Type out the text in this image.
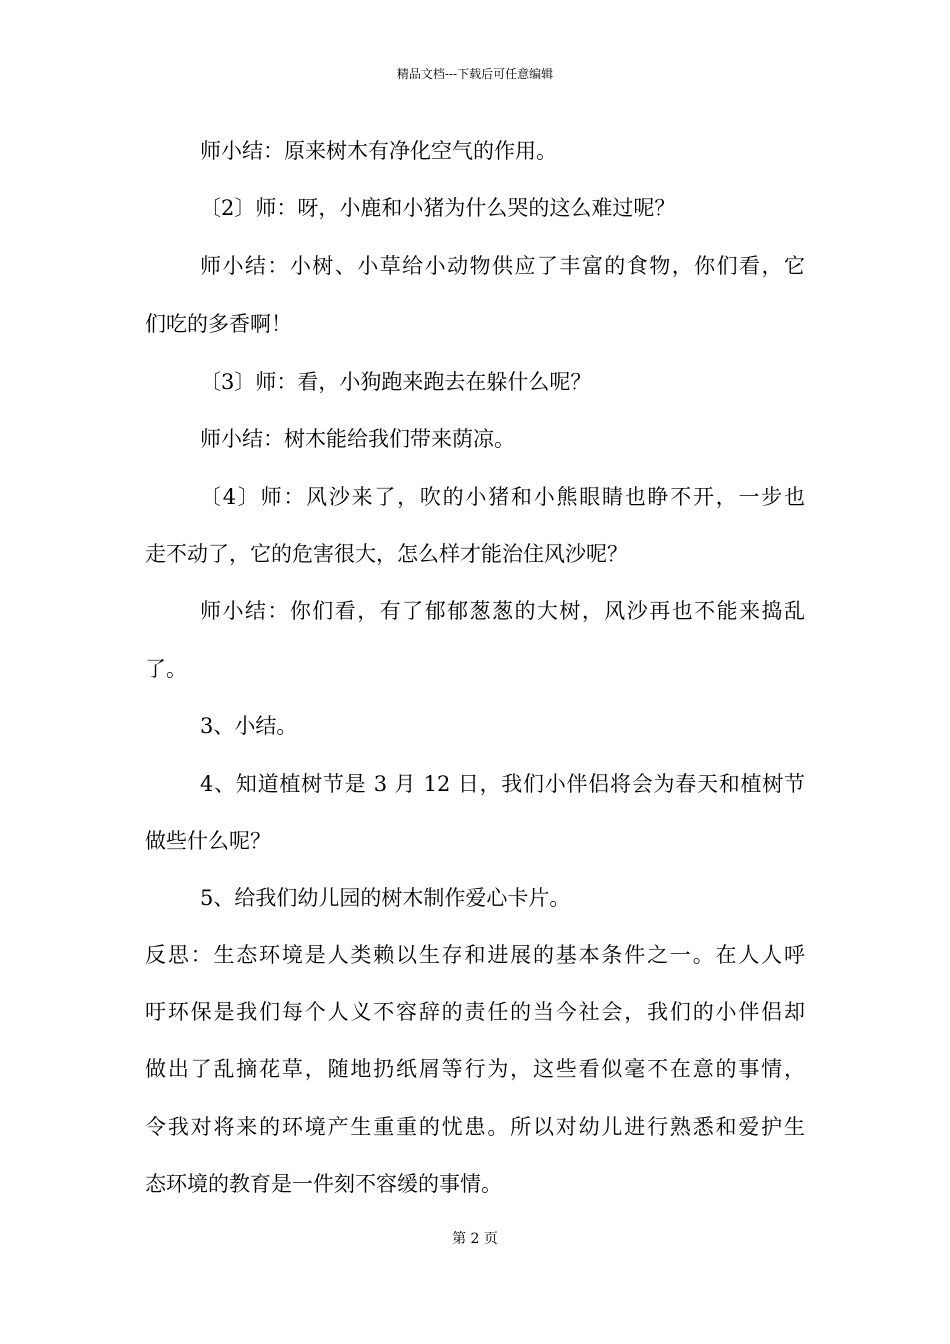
精品文档---下载后可任意编辑
师小结：原来树木有净化空气的作用。
〔2〕师：呀，小鹿和小猪为什么哭的这么难过呢？
师小结：小树、小草给小动物供应了丰富的食物，你们看，它
们吃的多香啊！
〔3〕师：看，小狗跑来跑去在躲什么呢？
师小结：树木能给我们带来荫凉。
〔4〕师：风沙来了，吹的小猪和小熊眼睛也睁不开，一步也
走不动了，它的危害很大，怎么样才能治住风沙呢？
师小结：你们看，有了郁郁葱葱的大树，风沙再也不能来捣乱
了。
3、小结。
4、知道植树节是 3 月 12 日，我们小伴侣将会为春天和植树节
做些什么呢？
5、给我们幼儿园的树木制作爱心卡片。
反思：生态环境是人类赖以生存和进展的基本条件之一。在人人呼
吁环保是我们每个人义不容辞的责任的当今社会，我们的小伴侣却
做出了乱摘花草，随地扔纸屑等行为，这些看似毫不在意的事情，
令我对将来的环境产生重重的忧患。所以对幼儿进行熟悉和爱护生
态环境的教育是一件刻不容缓的事情。
第 2 页
